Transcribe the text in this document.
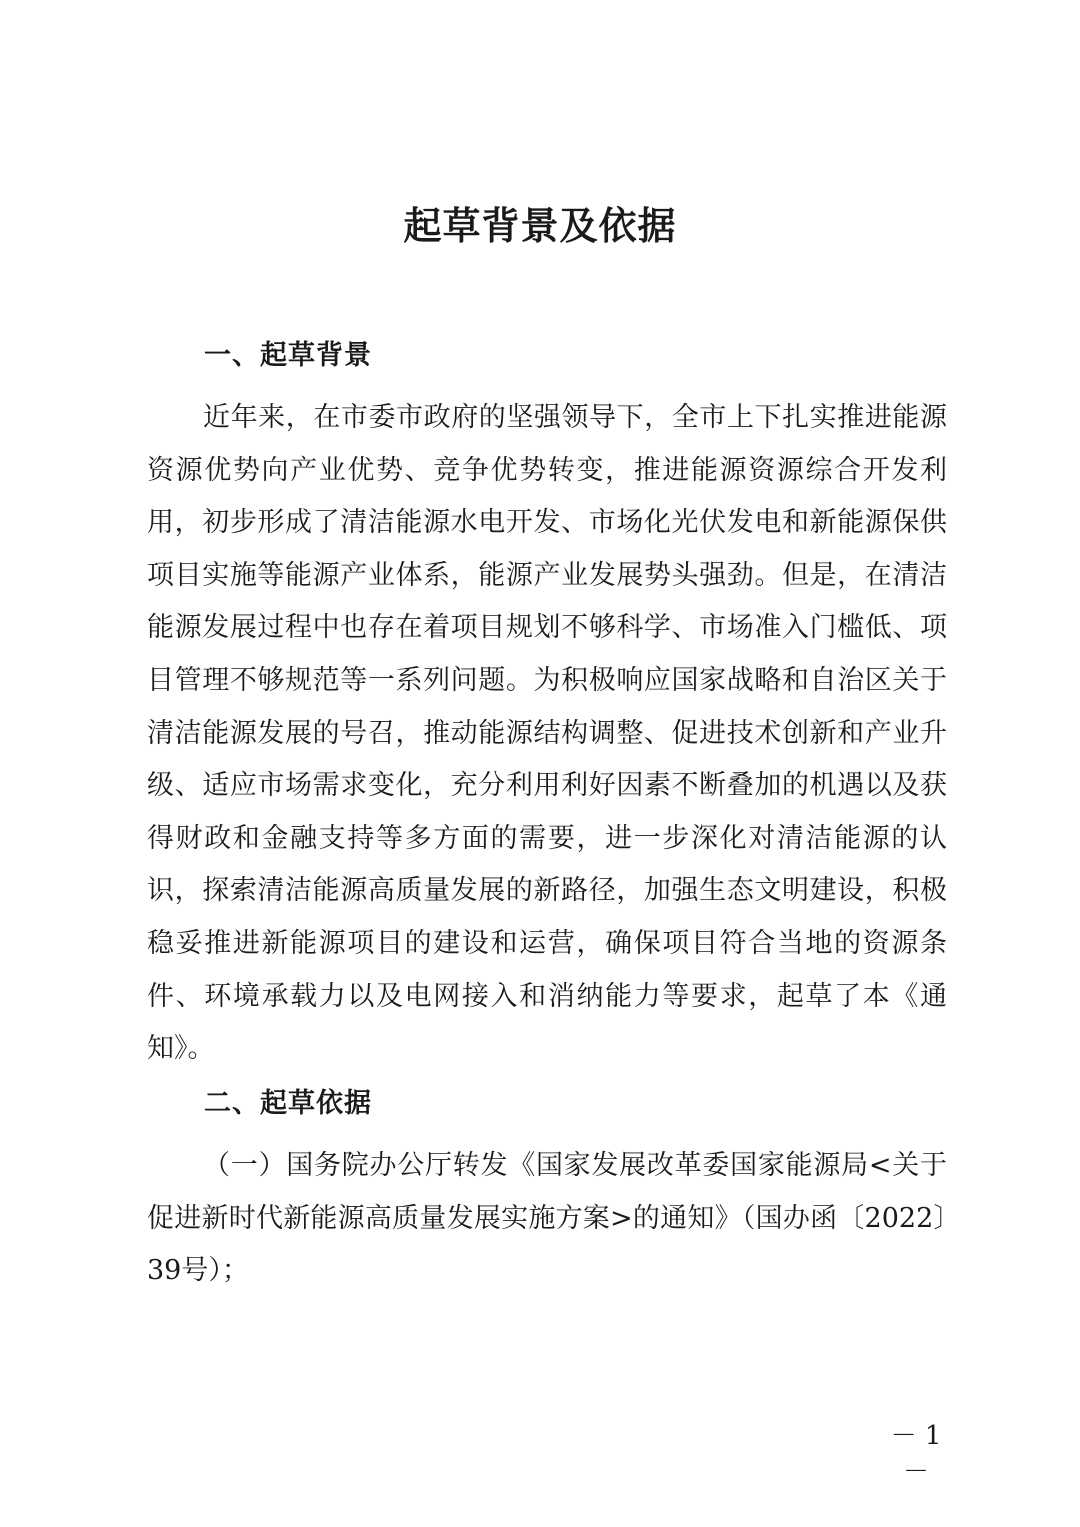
起草背景及依据
一、起草背景

近年来，在市委市政府的坚强领导下，全市上下扎实推进能源资源优势向产业优势、竞争优势转变，推进能源资源综合开发利用，初步形成了清洁能源水电开发、市场化光伏发电和新能源保供项目实施等能源产业体系，能源产业发展势头强劲。但是，在清洁能源发展过程中也存在着项目规划不够科学、市场准入门槛低、项目管理不够规范等一系列问题。为积极响应国家战略和自治区关于清洁能源发展的号召，推动能源结构调整、促进技术创新和产业升级、适应市场需求变化，充分利用利好因素不断叠加的机遇以及获得财政和金融支持等多方面的需要，进一步深化对清洁能源的认识，探索清洁能源高质量发展的新路径，加强生态文明建设，积极稳妥推进新能源项目的建设和运营，确保项目符合当地的资源条件、环境承载力以及电网接入和消纳能力等要求，起草了本《通知》。

二、起草依据

（一）国务院办公厅转发《国家发展改革委国家能源局<关于促进新时代新能源高质量发展实施方案>的通知》（国办函〔2022〕39号）；

－ 1 －
